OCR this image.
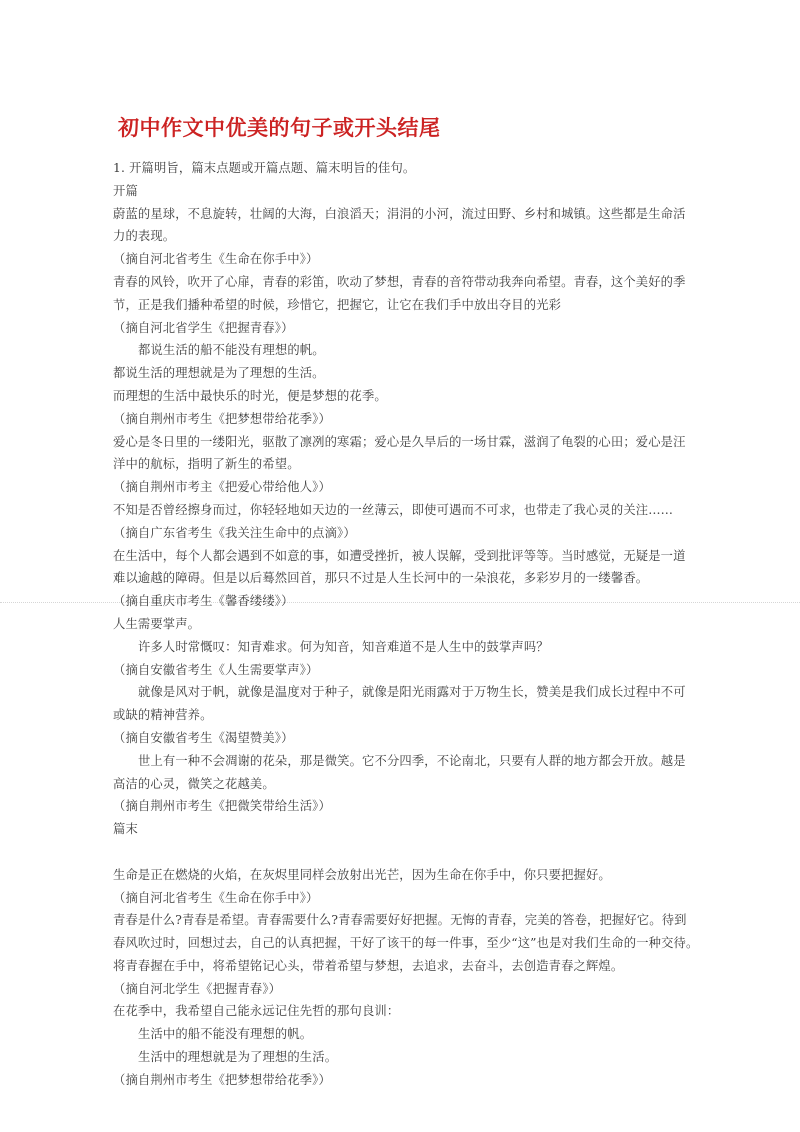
初中作文中优美的句子或开头结尾
1. 开篇明旨，篇末点题或开篇点题、篇末明旨的佳句。
开篇
蔚蓝的星球，不息旋转，壮阔的大海，白浪滔天；涓涓的小河，流过田野、乡村和城镇。这些都是生命活
力的表现。
（摘自河北省考生《生命在你手中》）
青春的风铃，吹开了心扉，青春的彩笛，吹动了梦想，青春的音符带动我奔向希望。青春，这个美好的季
节，正是我们播种希望的时候，珍惜它，把握它，让它在我们手中放出夺目的光彩
（摘自河北省学生《把握青春》）
都说生活的船不能没有理想的帆。
都说生活的理想就是为了理想的生活。
而理想的生活中最快乐的时光，便是梦想的花季。
（摘自荆州市考生《把梦想带给花季》）
爱心是冬日里的一缕阳光，驱散了凛冽的寒霜；爱心是久旱后的一场甘霖，滋润了龟裂的心田；爱心是汪
洋中的航标，指明了新生的希望。
（摘自荆州市考主《把爱心带给他人》）
不知是否曾经擦身而过，你轻轻地如天边的一丝薄云，即使可遇而不可求，也带走了我心灵的关注……
（摘自广东省考生《我关注生命中的点滴》）
在生活中，每个人都会遇到不如意的事，如遭受挫折，被人误解，受到批评等等。当时感觉，无疑是一道
难以逾越的障碍。但是以后蓦然回首，那只不过是人生长河中的一朵浪花，多彩岁月的一缕馨香。
（摘自重庆市考生《馨香缕缕》）
人生需要掌声。
许多人时常慨叹：知青难求。何为知音，知音难道不是人生中的鼓掌声吗？
（摘自安徽省考生《人生需要掌声》）
就像是风对于帆，就像是温度对于种子，就像是阳光雨露对于万物生长，赞美是我们成长过程中不可
或缺的精神营养。
（摘自安徽省考生《渴望赞美》）
世上有一种不会凋谢的花朵，那是微笑。它不分四季，不论南北，只要有人群的地方都会开放。越是
高洁的心灵，微笑之花越美。
（摘自荆州市考生《把微笑带给生活》）
篇末
生命是正在燃烧的火焰，在灰烬里同样会放射出光芒，因为生命在你手中，你只要把握好。
（摘自河北省考生《生命在你手中》）
青春是什么?青春是希望。青春需要什么?青春需要好好把握。无悔的青春，完美的答卷，把握好它。待到
春风吹过时，回想过去，自己的认真把握，干好了该干的每一件事，至少“这”也是对我们生命的一种交待。
将青春握在手中，将希望铭记心头，带着希望与梦想，去追求，去奋斗，去创造青春之辉煌。
（摘自河北学生《把握青春》）
在花季中，我希望自己能永远记住先哲的那句良训：
生活中的船不能没有理想的帆。
生活中的理想就是为了理想的生活。
（摘自荆州市考生《把梦想带给花季》）
